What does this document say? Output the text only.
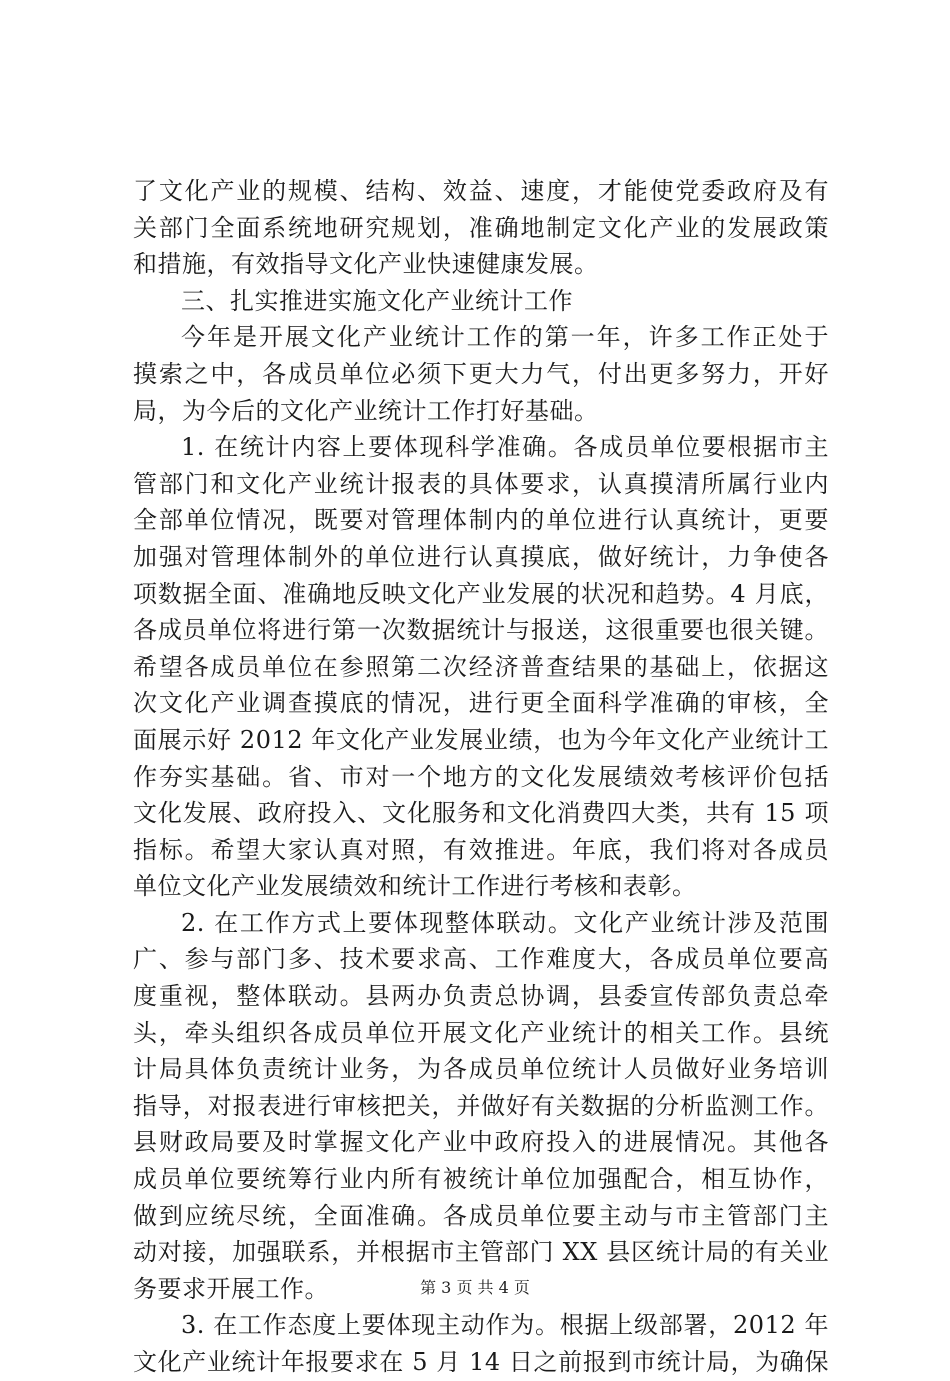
了文化产业的规模、结构、效益、速度，才能使党委政府及有
关部门全面系统地研究规划，准确地制定文化产业的发展政策
和措施，有效指导文化产业快速健康发展。
三、扎实推进实施文化产业统计工作
今年是开展文化产业统计工作的第一年，许多工作正处于
摸索之中，各成员单位必须下更大力气，付出更多努力，开好
局，为今后的文化产业统计工作打好基础。
1. 在统计内容上要体现科学准确。各成员单位要根据市主
管部门和文化产业统计报表的具体要求，认真摸清所属行业内
全部单位情况，既要对管理体制内的单位进行认真统计，更要
加强对管理体制外的单位进行认真摸底，做好统计，力争使各
项数据全面、准确地反映文化产业发展的状况和趋势。4 月底，
各成员单位将进行第一次数据统计与报送，这很重要也很关键。
希望各成员单位在参照第二次经济普查结果的基础上，依据这
次文化产业调查摸底的情况，进行更全面科学准确的审核，全
面展示好 2012 年文化产业发展业绩，也为今年文化产业统计工
作夯实基础。省、市对一个地方的文化发展绩效考核评价包括
文化发展、政府投入、文化服务和文化消费四大类，共有 15 项
指标。希望大家认真对照，有效推进。年底，我们将对各成员
单位文化产业发展绩效和统计工作进行考核和表彰。
2. 在工作方式上要体现整体联动。文化产业统计涉及范围
广、参与部门多、技术要求高、工作难度大，各成员单位要高
度重视，整体联动。县两办负责总协调，县委宣传部负责总牵
头，牵头组织各成员单位开展文化产业统计的相关工作。县统
计局具体负责统计业务，为各成员单位统计人员做好业务培训
指导，对报表进行审核把关，并做好有关数据的分析监测工作。
县财政局要及时掌握文化产业中政府投入的进展情况。其他各
成员单位要统筹行业内所有被统计单位加强配合，相互协作，
做到应统尽统，全面准确。各成员单位要主动与市主管部门主
动对接，加强联系，并根据市主管部门 XX 县区统计局的有关业
务要求开展工作。
3. 在工作态度上要体现主动作为。根据上级部署，2012 年
文化产业统计年报要求在 5 月 14 日之前报到市统计局，为确保
第 3 页 共 4 页
